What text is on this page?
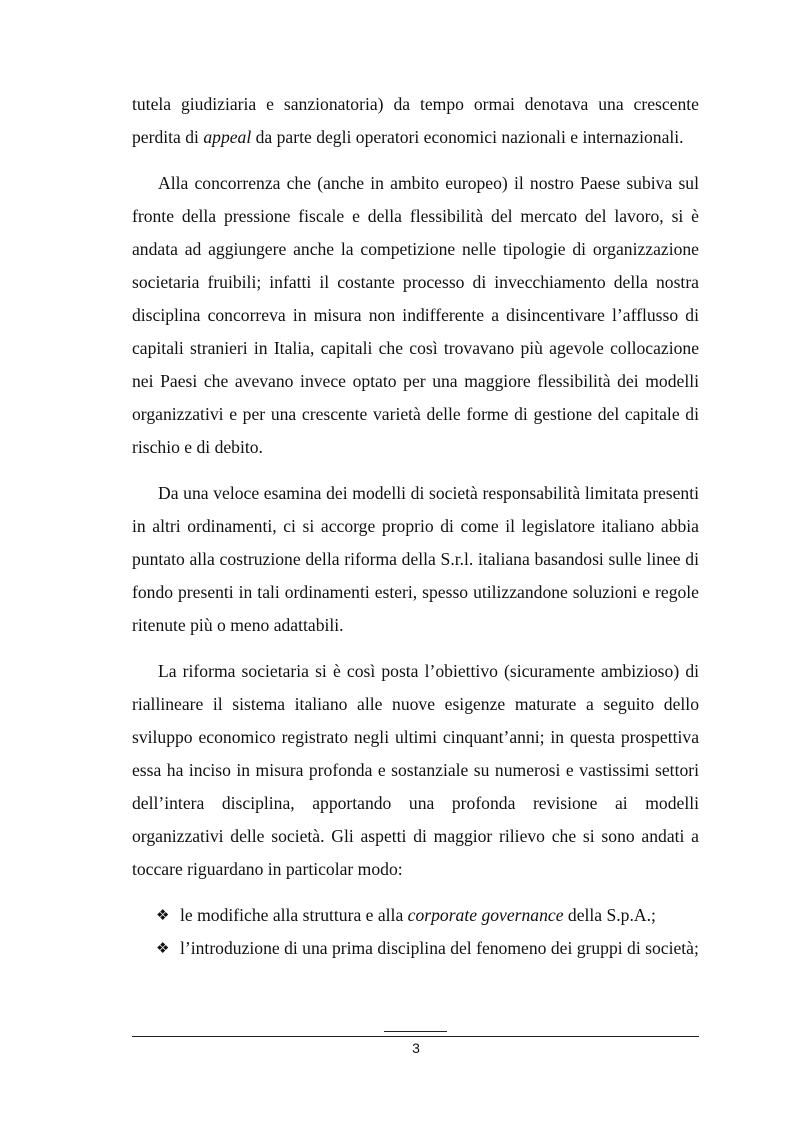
tutela giudiziaria e sanzionatoria) da tempo ormai denotava una crescente perdita di appeal da parte degli operatori economici nazionali e internazionali.

Alla concorrenza che (anche in ambito europeo) il nostro Paese subiva sul fronte della pressione fiscale e della flessibilità del mercato del lavoro, si è andata ad aggiungere anche la competizione nelle tipologie di organizzazione societaria fruibili; infatti il costante processo di invecchiamento della nostra disciplina concorreva in misura non indifferente a disincentivare l’afflusso di capitali stranieri in Italia, capitali che così trovavano più agevole collocazione nei Paesi che avevano invece optato per una maggiore flessibilità dei modelli organizzativi e per una crescente varietà delle forme di gestione del capitale di rischio e di debito.

Da una veloce esamina dei modelli di società responsabilità limitata presenti in altri ordinamenti, ci si accorge proprio di come il legislatore italiano abbia puntato alla costruzione della riforma della S.r.l. italiana basandosi sulle linee di fondo presenti in tali ordinamenti esteri, spesso utilizzandone soluzioni e regole ritenute più o meno adattabili.

La riforma societaria si è così posta l’obiettivo (sicuramente ambizioso) di riallineare il sistema italiano alle nuove esigenze maturate a seguito dello sviluppo economico registrato negli ultimi cinquant’anni; in questa prospettiva essa ha inciso in misura profonda e sostanziale su numerosi e vastissimi settori dell’intera disciplina, apportando una profonda revisione ai modelli organizzativi delle società. Gli aspetti di maggior rilievo che si sono andati a toccare riguardano in particolar modo:

❖ le modifiche alla struttura e alla corporate governance della S.p.A.;
❖ l’introduzione di una prima disciplina del fenomeno dei gruppi di società;
3
